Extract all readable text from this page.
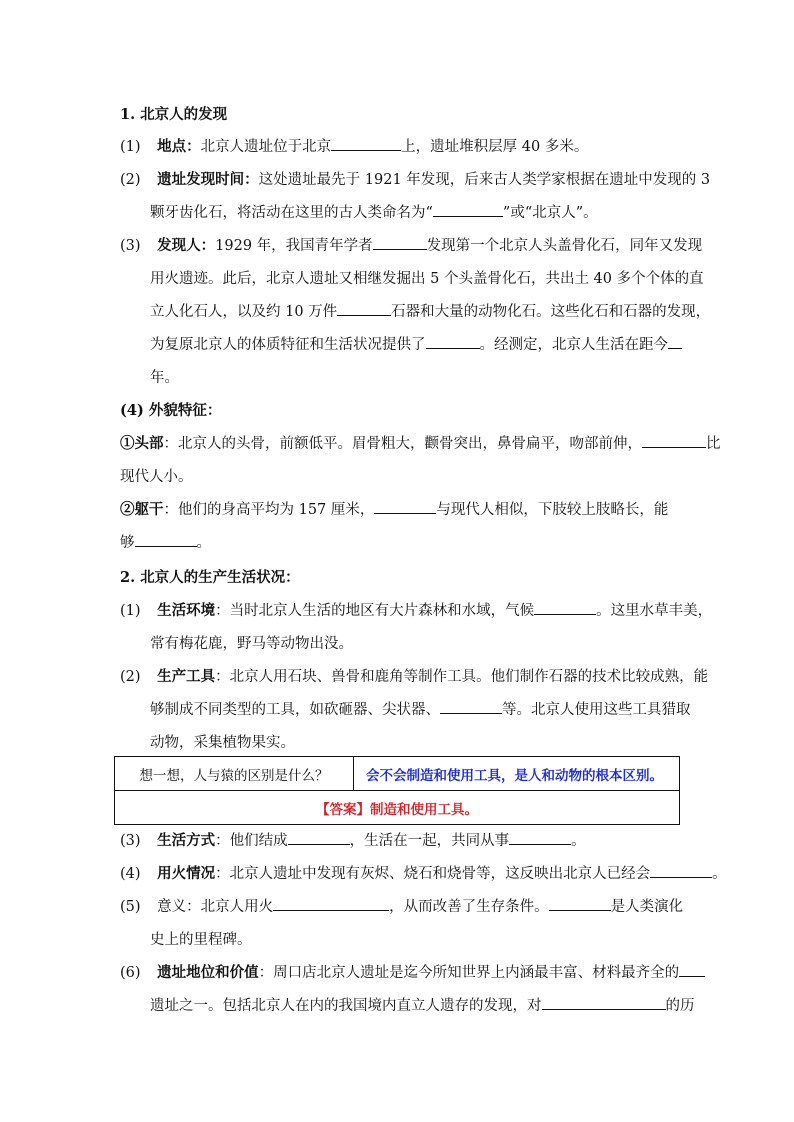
1. 北京人的发现
(1) 地点：北京人遗址位于北京	上，遗址堆积层厚 40 多米。
(2) 遗址发现时间：这处遗址最先于 1921 年发现，后来古人类学家根据在遗址中发现的 3
颗牙齿化石，将活动在这里的古人类命名为“	”或“北京人”。
(3) 发现人：1929 年，我国青年学者	发现第一个北京人头盖骨化石，同年又发现
用火遗迹。此后，北京人遗址又相继发掘出 5 个头盖骨化石，共出土 40 多个个体的直
立人化石人，以及约 10 万件	石器和大量的动物化石。这些化石和石器的发现，
为复原北京人的体质特征和生活状况提供了	。经测定，北京人生活在距今
年。
(4) 外貌特征：
①头部：北京人的头骨，前额低平。眉骨粗大，颧骨突出，鼻骨扁平，吻部前伸，	比
现代人小。
②躯干：他们的身高平均为 157 厘米，	与现代人相似，下肢较上肢略长，能
够	。
2. 北京人的生产生活状况：
(1) 生活环境：当时北京人生活的地区有大片森林和水域，气候	。这里水草丰美，
常有梅花鹿，野马等动物出没。
(2) 生产工具：北京人用石块、兽骨和鹿角等制作工具。他们制作石器的技术比较成熟，能
够制成不同类型的工具，如砍砸器、尖状器、	等。北京人使用这些工具猎取
想一想，人与猿的区别是什么？	会不会制造和使用工具，是人和动物的根本区别。
【答案】制造和使用工具。
(3) 生活方式：他们结成	，生活在一起，共同从事	。
(4) 用火情况：北京人遗址中发现有灰烬、烧石和烧骨等，这反映出北京人已经会	。
(5) 意义：北京人用火	，从而改善了生存条件。	是人类演化
史上的里程碑。
(6) 遗址地位和价值：周口店北京人遗址是迄今所知世界上内涵最丰富、材料最齐全的
遗址之一。包括北京人在内的我国境内直立人遗存的发现，对	的历
动物，采集植物果实。
